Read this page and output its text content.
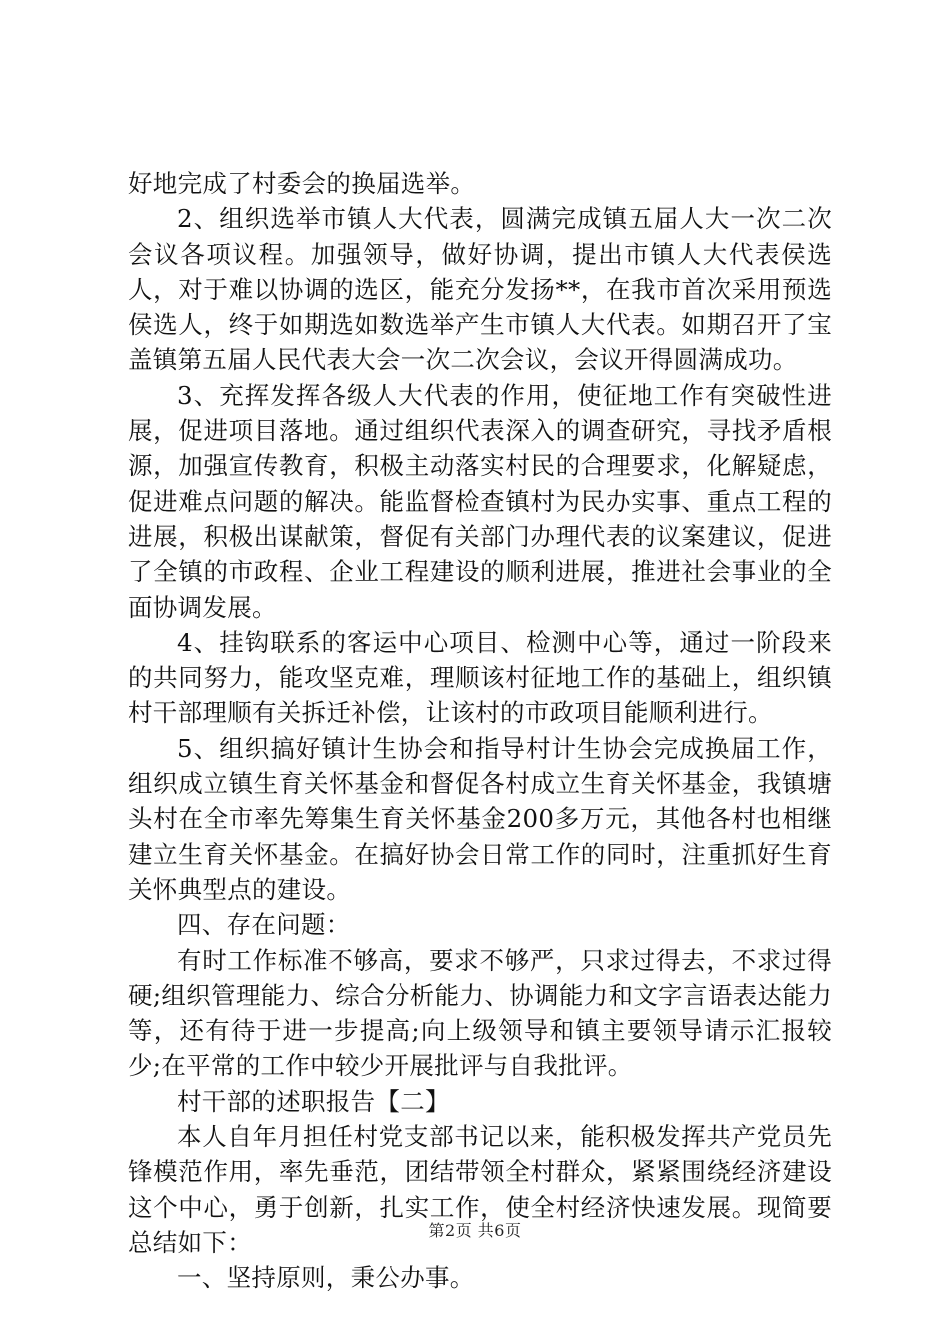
好地完成了村委会的换届选举。

2、组织选举市镇人大代表，圆满完成镇五届人大一次二次会议各项议程。加强领导，做好协调，提出市镇人大代表侯选人，对于难以协调的选区，能充分发扬**，在我市首次采用预选侯选人，终于如期选如数选举产生市镇人大代表。如期召开了宝盖镇第五届人民代表大会一次二次会议，会议开得圆满成功。

3、充挥发挥各级人大代表的作用，使征地工作有突破性进展，促进项目落地。通过组织代表深入的调查研究，寻找矛盾根源，加强宣传教育，积极主动落实村民的合理要求，化解疑虑，促进难点问题的解决。能监督检查镇村为民办实事、重点工程的进展，积极出谋献策，督促有关部门办理代表的议案建议，促进了全镇的市政程、企业工程建设的顺利进展，推进社会事业的全面协调发展。

4、挂钩联系的客运中心项目、检测中心等，通过一阶段来的共同努力，能攻坚克难，理顺该村征地工作的基础上，组织镇村干部理顺有关拆迁补偿，让该村的市政项目能顺利进行。

5、组织搞好镇计生协会和指导村计生协会完成换届工作，组织成立镇生育关怀基金和督促各村成立生育关怀基金，我镇塘头村在全市率先筹集生育关怀基金200多万元，其他各村也相继建立生育关怀基金。在搞好协会日常工作的同时，注重抓好生育关怀典型点的建设。

四、存在问题：

有时工作标准不够高，要求不够严，只求过得去，不求过得硬;组织管理能力、综合分析能力、协调能力和文字言语表达能力等，还有待于进一步提高;向上级领导和镇主要领导请示汇报较少;在平常的工作中较少开展批评与自我批评。

村干部的述职报告【二】

本人自年月担任村党支部书记以来，能积极发挥共产党员先锋模范作用，率先垂范，团结带领全村群众，紧紧围绕经济建设这个中心，勇于创新，扎实工作，使全村经济快速发展。现简要总结如下：

一、坚持原则，秉公办事。

第2页 共6页
